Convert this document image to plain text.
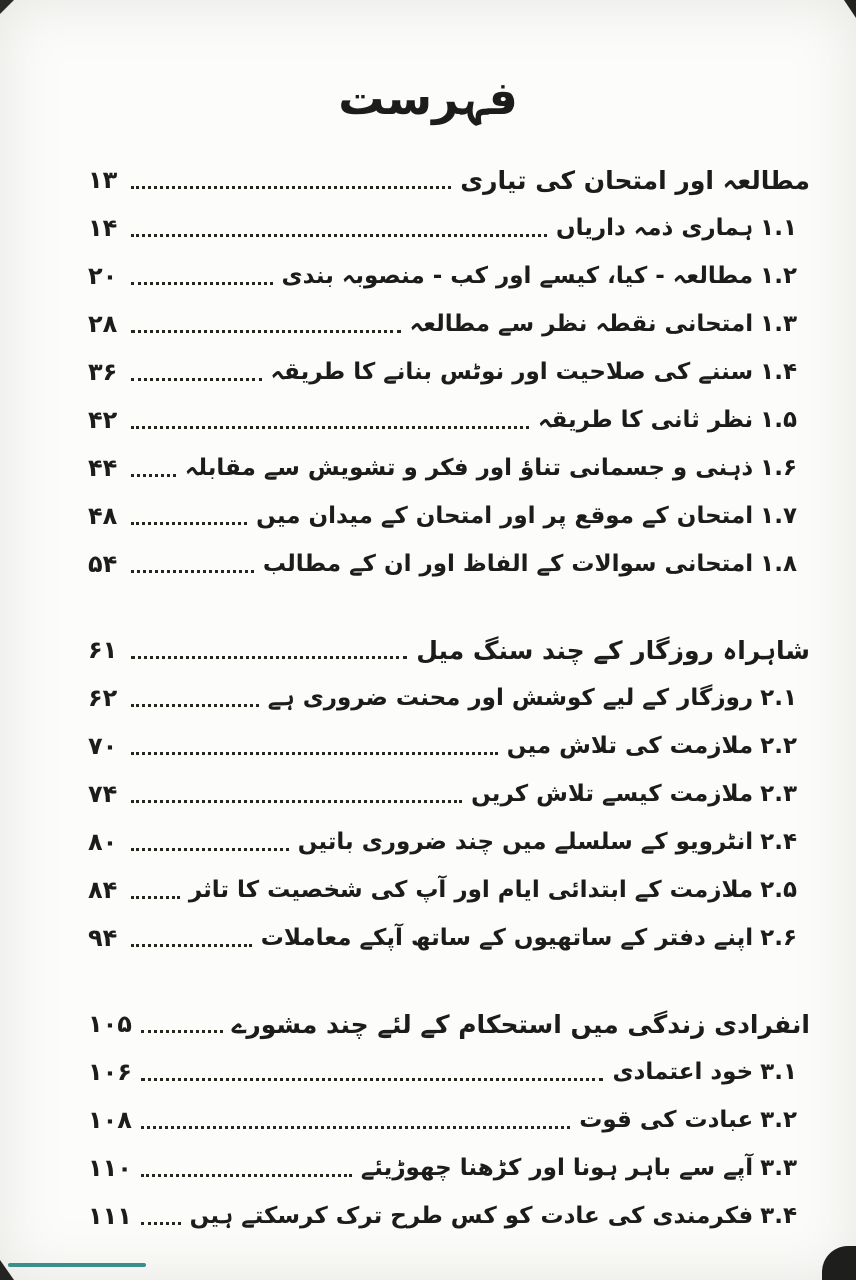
فہرست
مطالعہ اور امتحان کی تیاری
۱۳
۱.۱ہماری ذمہ داریاں
۱۴
۱.۲مطالعہ - کیا، کیسے اور کب - منصوبہ بندی
۲۰
۱.۳امتحانی نقطہ نظر سے مطالعہ
۲۸
۱.۴سننے کی صلاحیت اور نوٹس بنانے کا طریقہ
۳۶
۱.۵نظر ثانی کا طریقہ
۴۲
۱.۶ذہنی و جسمانی تناؤ اور فکر و تشویش سے مقابلہ
۴۴
۱.۷امتحان کے موقع پر اور امتحان کے میدان میں
۴۸
۱.۸امتحانی سوالات کے الفاظ اور ان کے مطالب
۵۴
شاہراہ روزگار کے چند سنگ میل
۶۱
۲.۱روزگار کے لیے کوشش اور محنت ضروری ہے
۶۲
۲.۲ملازمت کی تلاش میں
۷۰
۲.۳ملازمت کیسے تلاش کریں
۷۴
۲.۴انٹرویو کے سلسلے میں چند ضروری باتیں
۸۰
۲.۵ملازمت کے ابتدائی ایام اور آپ کی شخصیت کا تاثر
۸۴
۲.۶اپنے دفتر کے ساتھیوں کے ساتھ آپکے معاملات
۹۴
انفرادی زندگی میں استحکام کے لئے چند مشورے
۱۰۵
۳.۱خود اعتمادی
۱۰۶
۳.۲عبادت کی قوت
۱۰۸
۳.۳آپے سے باہر ہونا اور کڑھنا چھوڑیئے
۱۱۰
۳.۴فکرمندی کی عادت کو کس طرح ترک کرسکتے ہیں
۱۱۱
